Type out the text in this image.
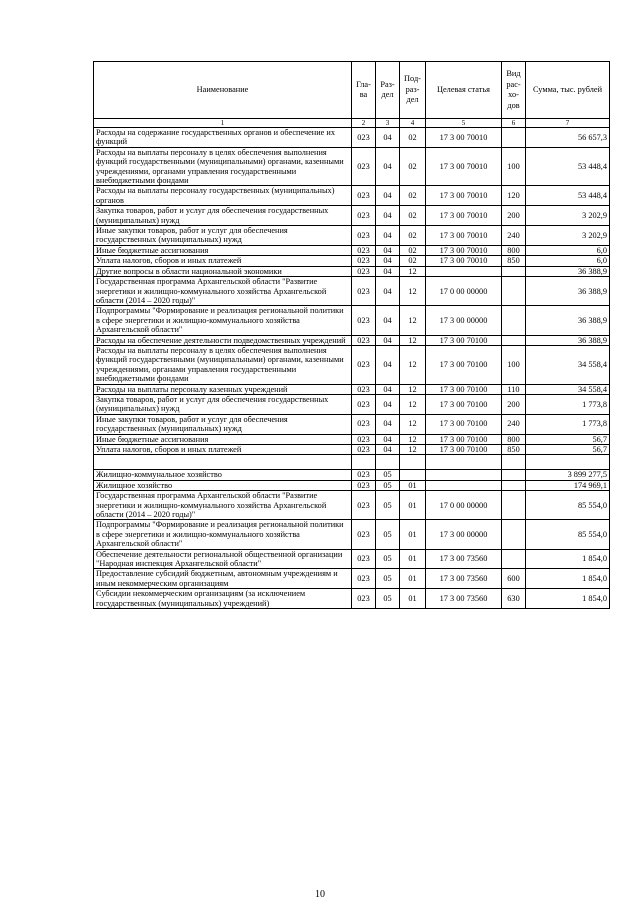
Наименование	Гла-ва	Раз-дел	Под-раз-дел	Целевая статья	Вид рас-хо-дов	Сумма, тыс. рублей
1	2	3	4	5	6	7
Расходы на содержание государственных органов и обеспечение их функций	023	04	02	17 3 00 70010		56 657,3
Расходы на выплаты персоналу в целях обеспечения выполнения функций государственными (муниципальными) органами, казенными учреждениями, органами управления государственными внебюджетными фондами	023	04	02	17 3 00 70010	100	53 448,4
Расходы на выплаты персоналу государственных (муниципальных) органов	023	04	02	17 3 00 70010	120	53 448,4
Закупка товаров, работ и услуг для обеспечения государственных (муниципальных) нужд	023	04	02	17 3 00 70010	200	3 202,9
Иные закупки товаров, работ и услуг для обеспечения государственных (муниципальных) нужд	023	04	02	17 3 00 70010	240	3 202,9
Иные бюджетные ассигнования	023	04	02	17 3 00 70010	800	6,0
Уплата налогов, сборов и иных платежей	023	04	02	17 3 00 70010	850	6,0
Другие вопросы в области национальной экономики	023	04	12			36 388,9
Государственная программа Архангельской области "Развитие энергетики и жилищно-коммунального хозяйства Архангельской области (2014 – 2020 годы)"	023	04	12	17 0 00 00000		36 388,9
Подпрограммы "Формирование и реализация региональной политики в сфере энергетики и жилищно-коммунального хозяйства Архангельской области"	023	04	12	17 3 00 00000		36 388,9
Расходы на обеспечение деятельности подведомственных учреждений	023	04	12	17 3 00 70100		36 388,9
Расходы на выплаты персоналу в целях обеспечения выполнения функций государственными (муниципальными) органами, казенными учреждениями, органами управления государственными внебюджетными фондами	023	04	12	17 3 00 70100	100	34 558,4
Расходы на выплаты персоналу казенных учреждений	023	04	12	17 3 00 70100	110	34 558,4
Закупка товаров, работ и услуг для обеспечения государственных (муниципальных) нужд	023	04	12	17 3 00 70100	200	1 773,8
Иные закупки товаров, работ и услуг для обеспечения государственных (муниципальных) нужд	023	04	12	17 3 00 70100	240	1 773,8
Иные бюджетные ассигнования	023	04	12	17 3 00 70100	800	56,7
Уплата налогов, сборов и иных платежей	023	04	12	17 3 00 70100	850	56,7

Жилищно-коммунальное хозяйство	023	05				3 899 277,5
Жилищное хозяйство	023	05	01			174 969,1
Государственная программа Архангельской области "Развитие энергетики и жилищно-коммунального хозяйства Архангельской области (2014 – 2020 годы)"	023	05	01	17 0 00 00000		85 554,0
Подпрограммы "Формирование и реализация региональной политики в сфере энергетики и жилищно-коммунального хозяйства Архангельской области"	023	05	01	17 3 00 00000		85 554,0
Обеспечение деятельности региональной общественной организации "Народная инспекция Архангельской области"	023	05	01	17 3 00 73560		1 854,0
Предоставление субсидий бюджетным, автономным учреждениям и иным некоммерческим организациям	023	05	01	17 3 00 73560	600	1 854,0
Субсидии некоммерческим организациям (за исключением государственных (муниципальных) учреждений)	023	05	01	17 3 00 73560	630	1 854,0
10
